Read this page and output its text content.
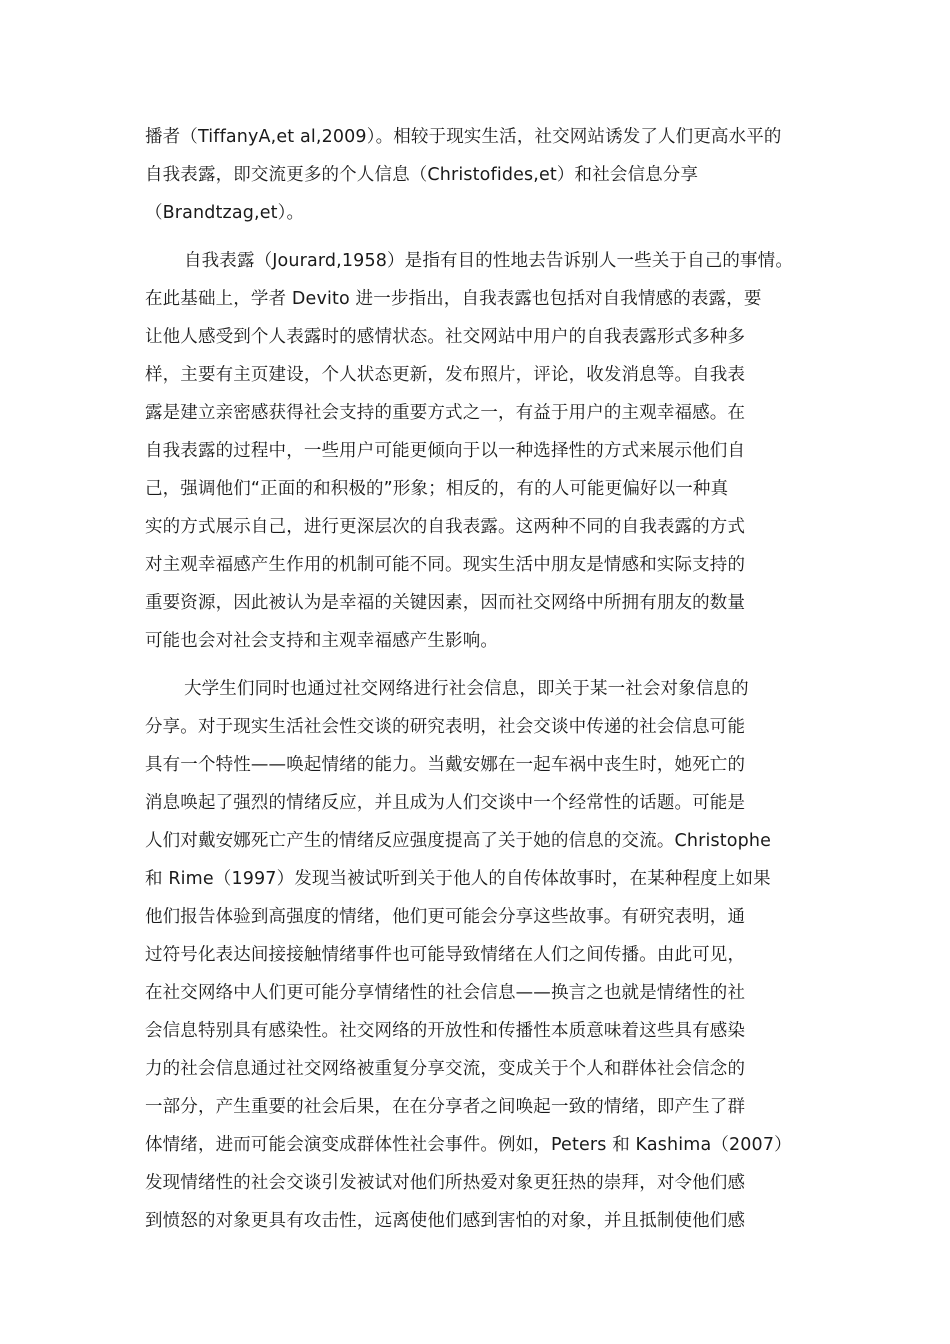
播者（TiffanyA,et al,2009）。相较于现实生活，社交网站诱发了人们更高水平的
自我表露，即交流更多的个人信息（Christofides,et）和社会信息分享
（Brandtzag,et）。
自我表露（Jourard,1958）是指有目的性地去告诉别人一些关于自己的事情。
在此基础上，学者 Devito 进一步指出，自我表露也包括对自我情感的表露，要
让他人感受到个人表露时的感情状态。社交网站中用户的自我表露形式多种多
样，主要有主页建设，个人状态更新，发布照片，评论，收发消息等。自我表
露是建立亲密感获得社会支持的重要方式之一，有益于用户的主观幸福感。在
自我表露的过程中，一些用户可能更倾向于以一种选择性的方式来展示他们自
己，强调他们“正面的和积极的”形象；相反的，有的人可能更偏好以一种真
实的方式展示自己，进行更深层次的自我表露。这两种不同的自我表露的方式
对主观幸福感产生作用的机制可能不同。现实生活中朋友是情感和实际支持的
重要资源，因此被认为是幸福的关键因素，因而社交网络中所拥有朋友的数量
可能也会对社会支持和主观幸福感产生影响。
大学生们同时也通过社交网络进行社会信息，即关于某一社会对象信息的
分享。对于现实生活社会性交谈的研究表明，社会交谈中传递的社会信息可能
具有一个特性——唤起情绪的能力。当戴安娜在一起车祸中丧生时，她死亡的
消息唤起了强烈的情绪反应，并且成为人们交谈中一个经常性的话题。可能是
人们对戴安娜死亡产生的情绪反应强度提高了关于她的信息的交流。Christophe
和 Rime（1997）发现当被试听到关于他人的自传体故事时，在某种程度上如果
他们报告体验到高强度的情绪，他们更可能会分享这些故事。有研究表明，通
过符号化表达间接接触情绪事件也可能导致情绪在人们之间传播。由此可见，
在社交网络中人们更可能分享情绪性的社会信息——换言之也就是情绪性的社
会信息特别具有感染性。社交网络的开放性和传播性本质意味着这些具有感染
力的社会信息通过社交网络被重复分享交流，变成关于个人和群体社会信念的
一部分，产生重要的社会后果，在在分享者之间唤起一致的情绪，即产生了群
体情绪，进而可能会演变成群体性社会事件。例如，Peters 和 Kashima（2007）
发现情绪性的社会交谈引发被试对他们所热爱对象更狂热的崇拜，对令他们感
到愤怒的对象更具有攻击性，远离使他们感到害怕的对象，并且抵制使他们感
